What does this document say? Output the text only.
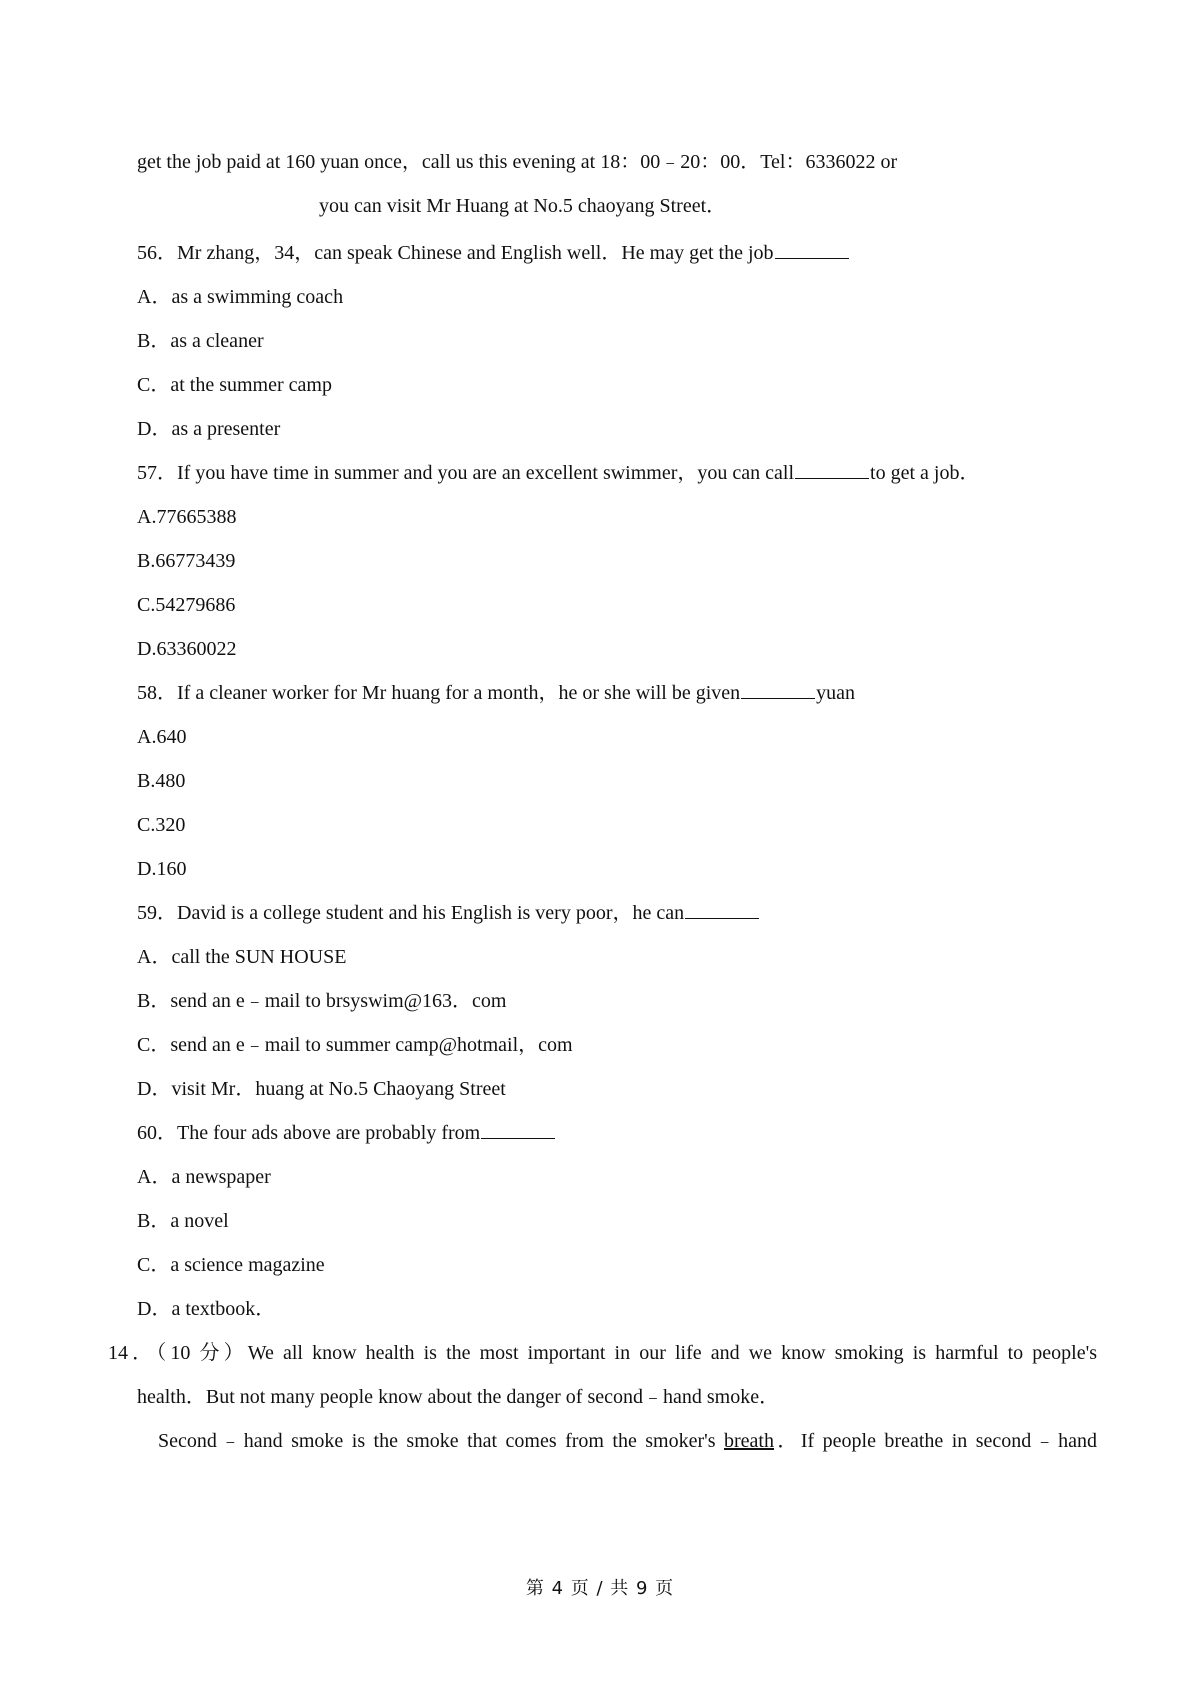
get the job paid at 160 yuan once，call us this evening at 18：00﹣20：00．Tel：6336022 or
you can visit Mr Huang at No.5 chaoyang Street．
56．Mr zhang，34，can speak Chinese and English well．He may get the job
A．as a swimming coach
B．as a cleaner
C．at the summer camp
D．as a presenter
57．If you have time in summer and you are an excellent swimmer，you can call	to get a job．
A.77665388
B.66773439
C.54279686
D.63360022
58．If a cleaner worker for Mr huang for a month，he or she will be given	yuan
A.640
B.480
C.320
D.160
59．David is a college student and his English is very poor，he can
A．call the SUN HOUSE
B．send an e﹣mail to brsyswim@163．com
C．send an e﹣mail to summer camp@hotmail，com
D．visit Mr．huang at No.5 Chaoyang Street
60．The four ads above are probably from
A．a newspaper
B．a novel
C．a science magazine
D．a textbook．
14．（10 分）We all know health is the most important in our life and we know smoking is harmful to people's
health．But not many people know about the danger of second﹣hand smoke．
Second﹣hand smoke is the smoke that comes from the smoker's breath．If people breathe in second﹣hand
第 4 页 / 共 9 页
